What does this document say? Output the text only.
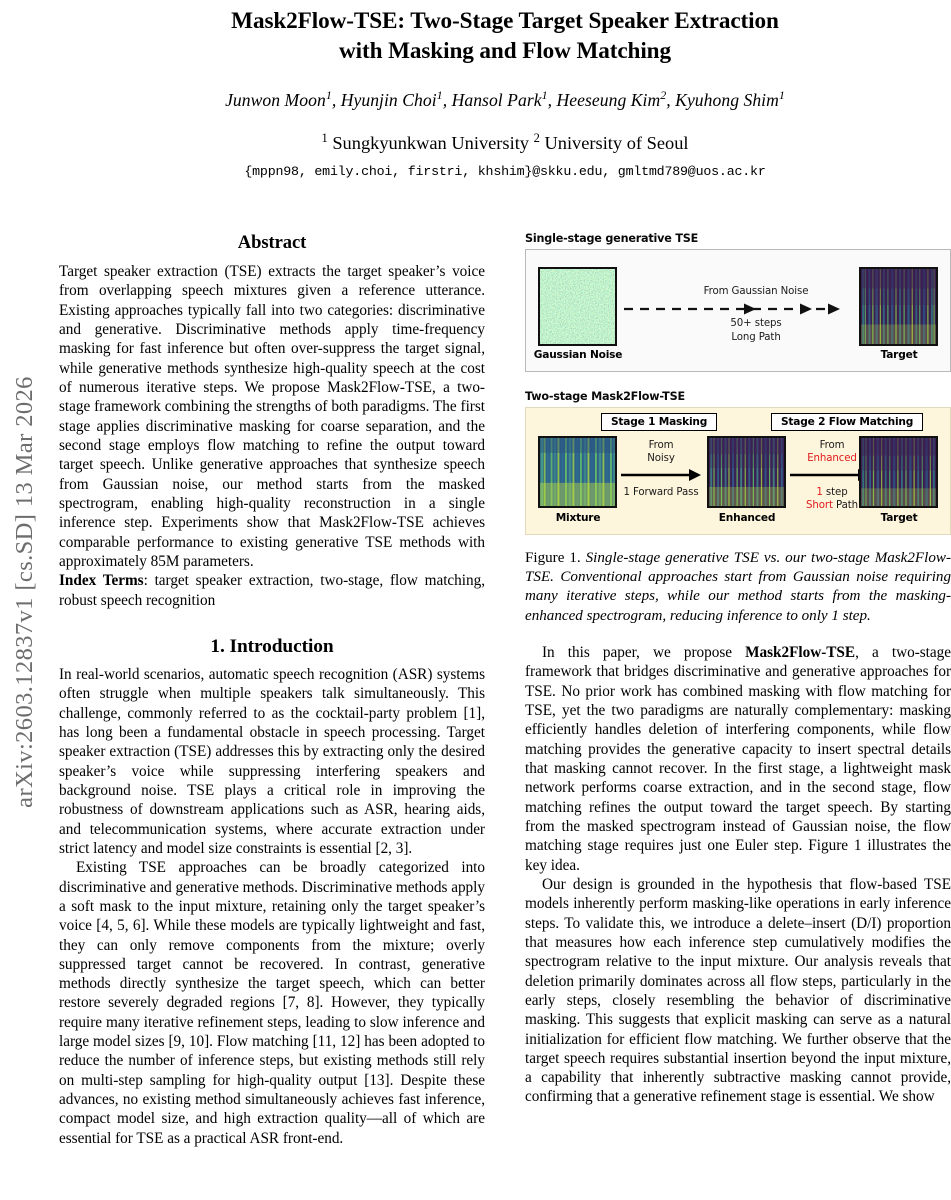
arXiv:2603.12837v1 [cs.SD] 13 Mar 2026
Mask2Flow-TSE: Two-Stage Target Speaker Extraction
with Masking and Flow Matching
Junwon Moon$^1$, Hyunjin Choi$^1$, Hansol Park$^1$, Heeseung Kim$^2$, Kyuhong Shim$^1$
$^1$ Sungkyunkwan University $^2$ University of Seoul
{mppn98, emily.choi, firstri, khshim}@skku.edu, gmltmd789@uos.ac.kr
Abstract

Target speaker extraction (TSE) extracts the target speaker’s voice from overlapping speech mixtures given a reference utterance. Existing approaches typically fall into two categories: discriminative and generative. Discriminative methods apply time-frequency masking for fast inference but often over-suppress the target signal, while generative methods synthesize high-quality speech at the cost of numerous iterative steps. We propose Mask2Flow-TSE, a two-stage framework combining the strengths of both paradigms. The first stage applies discriminative masking for coarse separation, and the second stage employs flow matching to refine the output toward target speech. Unlike generative approaches that synthesize speech from Gaussian noise, our method starts from the masked spectrogram, enabling high-quality reconstruction in a single inference step. Experiments show that Mask2Flow-TSE achieves comparable performance to existing generative TSE methods with approximately 85M parameters.

Index Terms: target speaker extraction, two-stage, flow matching, robust speech recognition

1. Introduction

In real-world scenarios, automatic speech recognition (ASR) systems often struggle when multiple speakers talk simultaneously. This challenge, commonly referred to as the cocktail-party problem [1], has long been a fundamental obstacle in speech processing. Target speaker extraction (TSE) addresses this by extracting only the desired speaker’s voice while suppressing interfering speakers and background noise. TSE plays a critical role in improving the robustness of downstream applications such as ASR, hearing aids, and telecommunication systems, where accurate extraction under strict latency and model size constraints is essential [2, 3].

Existing TSE approaches can be broadly categorized into discriminative and generative methods. Discriminative methods apply a soft mask to the input mixture, retaining only the target speaker’s voice [4, 5, 6]. While these models are typically lightweight and fast, they can only remove components from the mixture; overly suppressed target cannot be recovered. In contrast, generative methods directly synthesize the target speech, which can better restore severely degraded regions [7, 8]. However, they typically require many iterative refinement steps, leading to slow inference and large model sizes [9, 10]. Flow matching [11, 12] has been adopted to reduce the number of inference steps, but existing methods still rely on multi-step sampling for high-quality output [13]. Despite these advances, no existing method simultaneously achieves fast inference, compact model size, and high extraction quality—all of which are essential for TSE as a practical ASR front-end.

Single-stage generative TSE
Gaussian Noise
From Gaussian Noise
50+ steps
Long Path
Target
Two-stage Mask2Flow-TSE
Stage 1 Masking	Stage 2 Flow Matching
Mixture
From
Noisy
1 Forward Pass
Enhanced
From
Enhanced
1 step
Short Path
Target
Figure 1. Single-stage generative TSE vs. our two-stage Mask2Flow-TSE. Conventional approaches start from Gaussian noise requiring many iterative steps, while our method starts from the masking-enhanced spectrogram, reducing inference to only 1 step.

In this paper, we propose Mask2Flow-TSE, a two-stage framework that bridges discriminative and generative approaches for TSE. No prior work has combined masking with flow matching for TSE, yet the two paradigms are naturally complementary: masking efficiently handles deletion of interfering components, while flow matching provides the generative capacity to insert spectral details that masking cannot recover. In the first stage, a lightweight mask network performs coarse extraction, and in the second stage, flow matching refines the output toward the target speech. By starting from the masked spectrogram instead of Gaussian noise, the flow matching stage requires just one Euler step. Figure 1 illustrates the key idea.

Our design is grounded in the hypothesis that flow-based TSE models inherently perform masking-like operations in early inference steps. To validate this, we introduce a delete–insert (D/I) proportion that measures how each inference step cumulatively modifies the spectrogram relative to the input mixture. Our analysis reveals that deletion primarily dominates across all flow steps, particularly in the early steps, closely resembling the behavior of discriminative masking. This suggests that explicit masking can serve as a natural initialization for efficient flow matching. We further observe that the target speech requires substantial insertion beyond the input mixture, a capability that inherently subtractive masking cannot provide, confirming that a generative refinement stage is essential. We show
